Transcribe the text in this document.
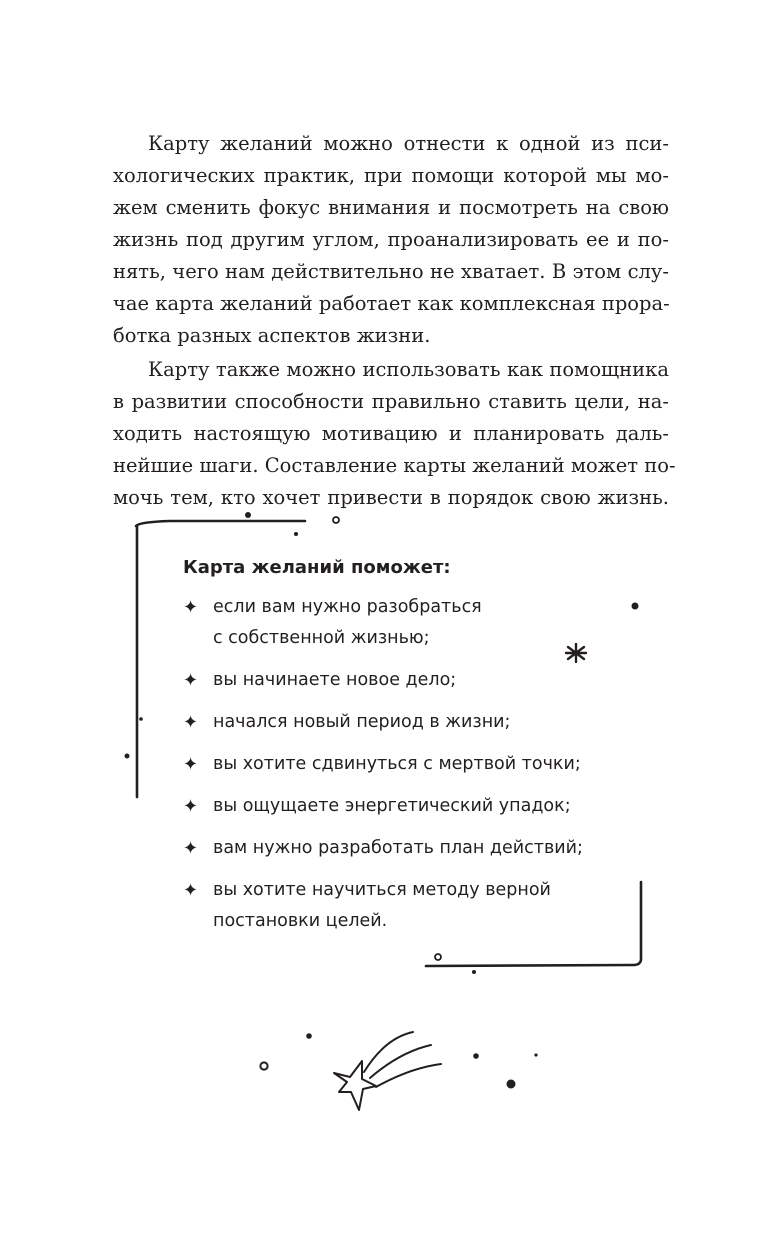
Карту желаний можно отнести к одной из пси-
хологических практик, при помощи которой мы мо-
жем сменить фокус внимания и посмотреть на свою
жизнь под другим углом, проанализировать ее и по-
нять, чего нам действительно не хватает. В этом слу-
чае карта желаний работает как комплексная прора-
ботка разных аспектов жизни.
Карту также можно использовать как помощника
в развитии способности правильно ставить цели, на-
ходить настоящую мотивацию и планировать даль-
нейшие шаги. Составление карты желаний может по-
мочь тем, кто хочет привести в порядок свою жизнь.
Карта желаний поможет:
✦ если вам нужно разобраться
с собственной жизнью;
✦ вы начинаете новое дело;
✦ начался новый период в жизни;
✦ вы хотите сдвинуться с мертвой точки;
✦ вы ощущаете энергетический упадок;
✦ вам нужно разработать план действий;
✦ вы хотите научиться методу верной
постановки целей.
